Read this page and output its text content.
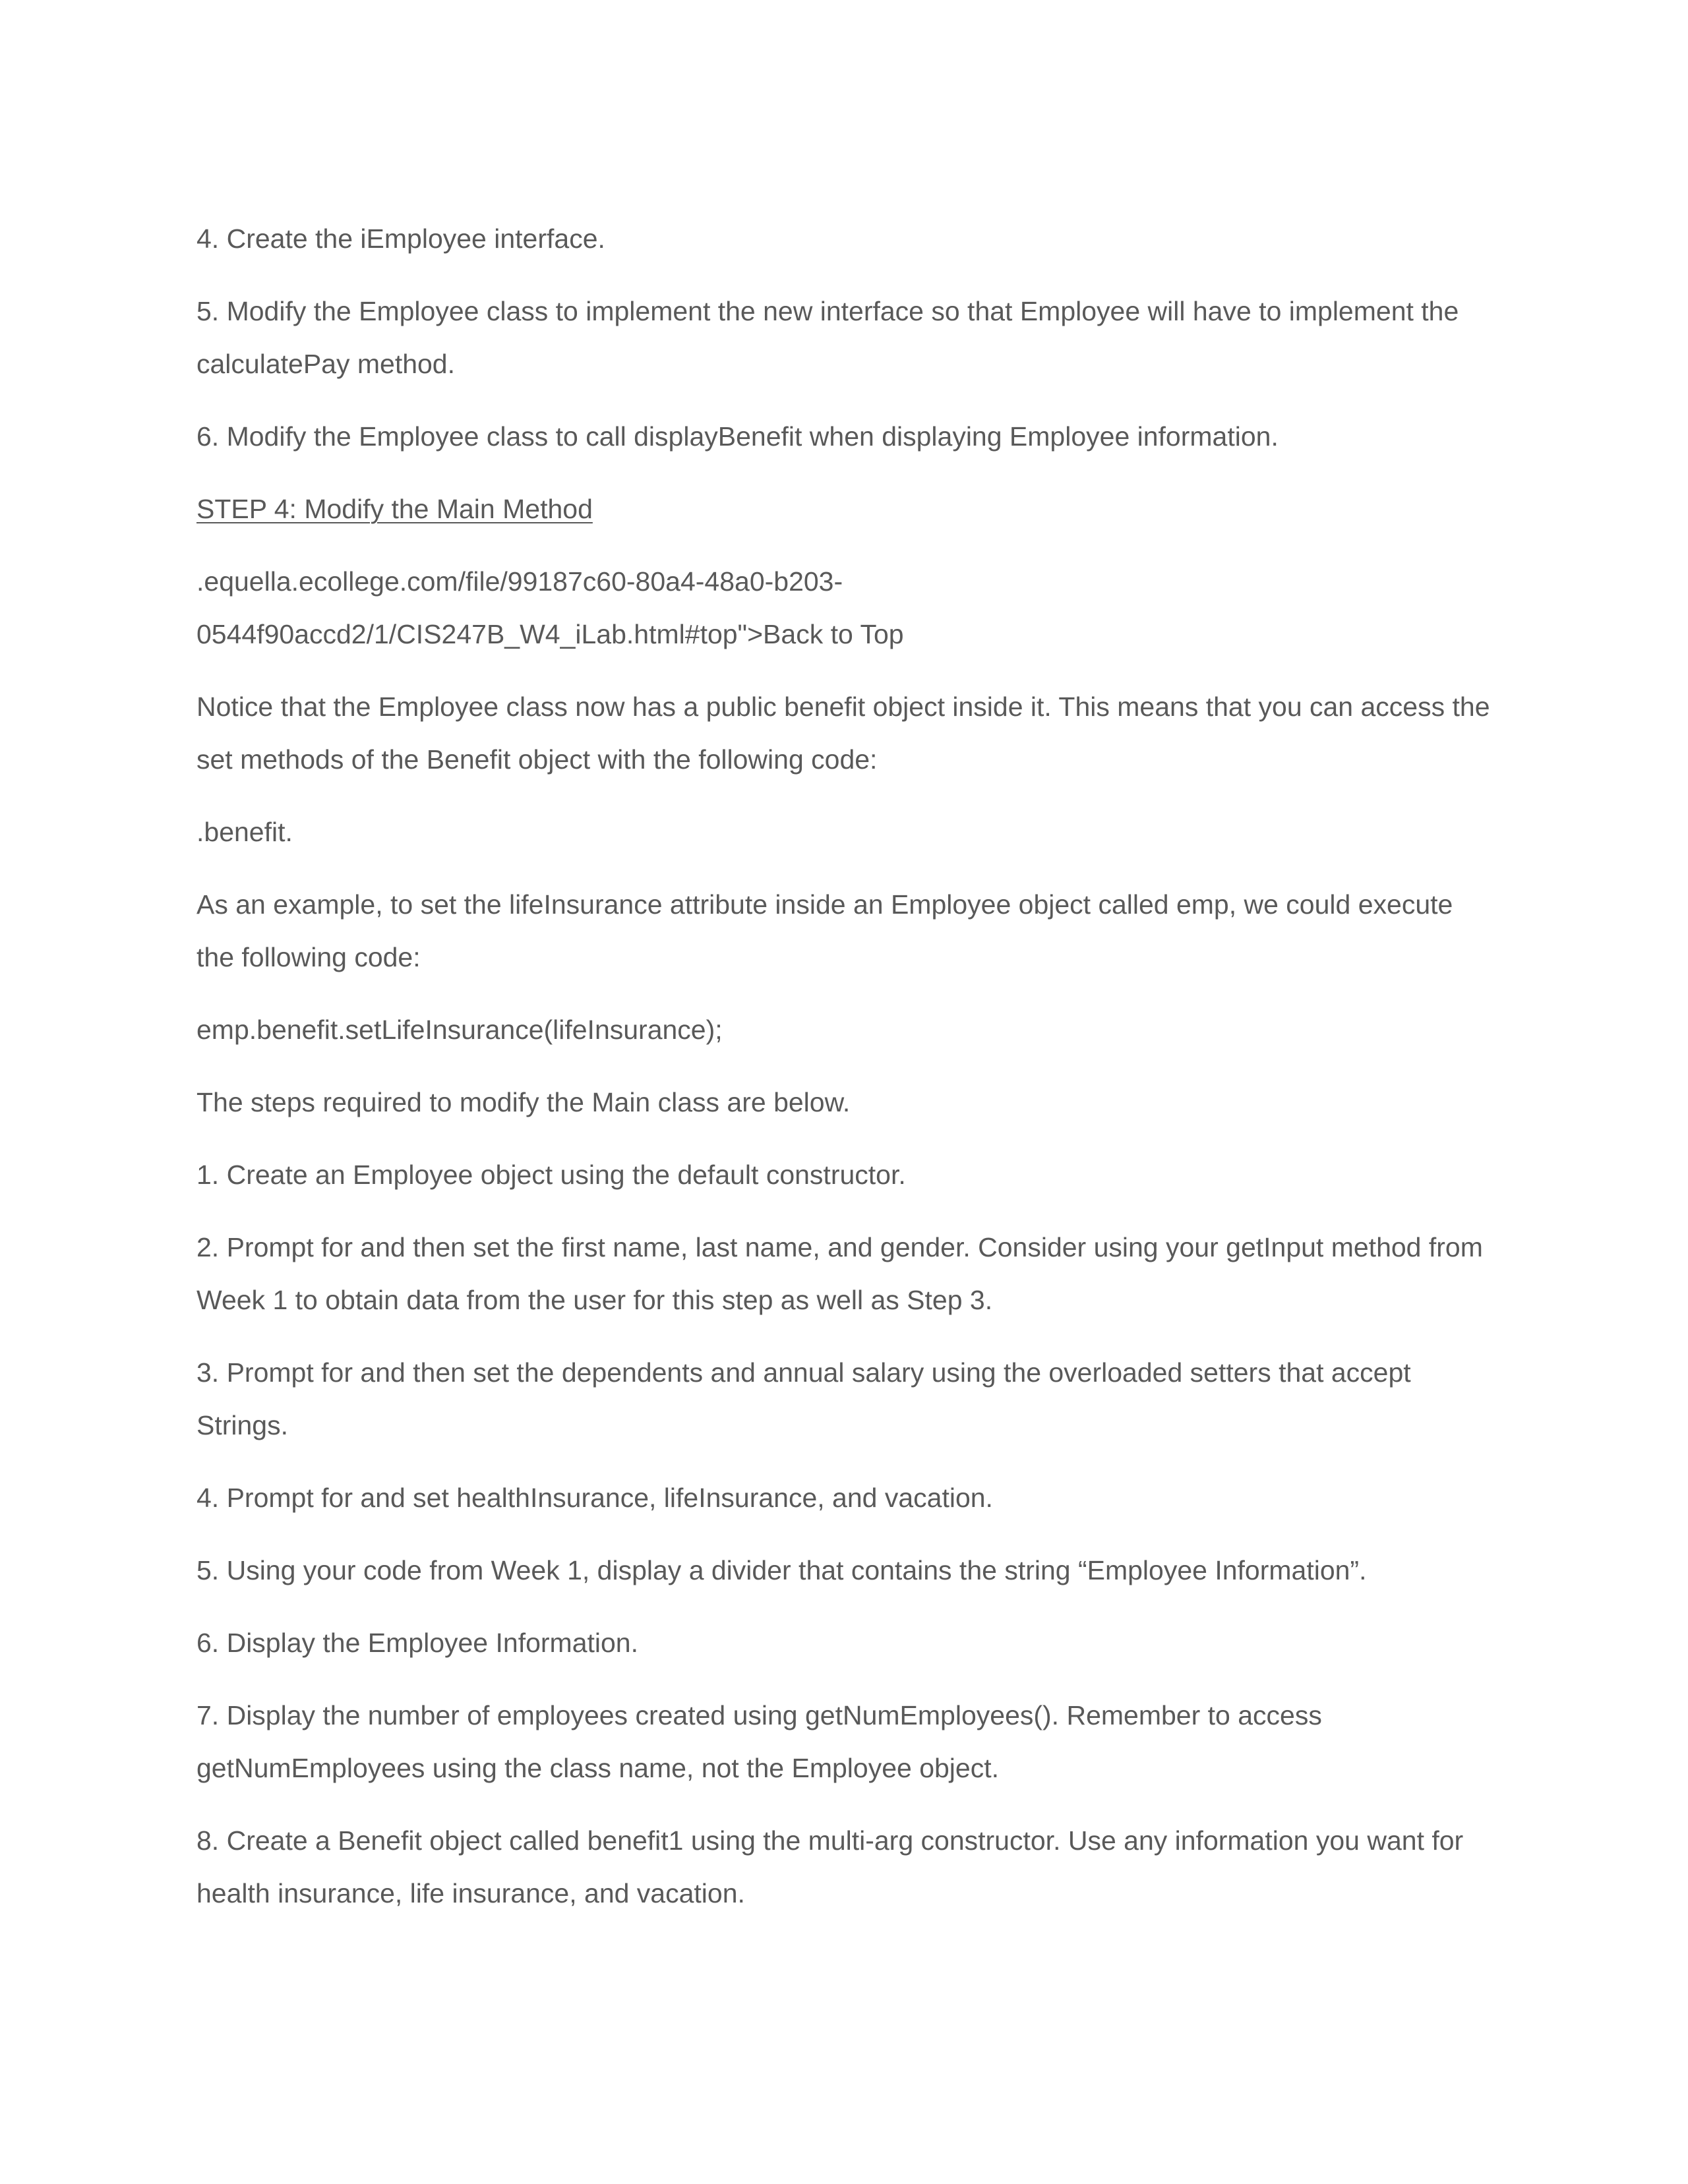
4. Create the iEmployee interface.

5. Modify the Employee class to implement the new interface so that Employee will have to implement the calculatePay method.

6. Modify the Employee class to call displayBenefit when displaying Employee information.

STEP 4: Modify the Main Method

.equella.ecollege.com/file/99187c60-80a4-48a0-b203-
0544f90accd2/1/CIS247B_W4_iLab.html#top">Back to Top

Notice that the Employee class now has a public benefit object inside it. This means that you can access the set methods of the Benefit object with the following code:

.benefit.

As an example, to set the lifeInsurance attribute inside an Employee object called emp, we could execute the following code:

emp.benefit.setLifeInsurance(lifeInsurance);

The steps required to modify the Main class are below.

1. Create an Employee object using the default constructor.

2. Prompt for and then set the first name, last name, and gender. Consider using your getInput method from Week 1 to obtain data from the user for this step as well as Step 3.

3. Prompt for and then set the dependents and annual salary using the overloaded setters that accept Strings.

4. Prompt for and set healthInsurance, lifeInsurance, and vacation.

5. Using your code from Week 1, display a divider that contains the string “Employee Information”.

6. Display the Employee Information.

7. Display the number of employees created using getNumEmployees(). Remember to access getNumEmployees using the class name, not the Employee object.

8. Create a Benefit object called benefit1 using the multi-arg constructor. Use any information you want for health insurance, life insurance, and vacation.
